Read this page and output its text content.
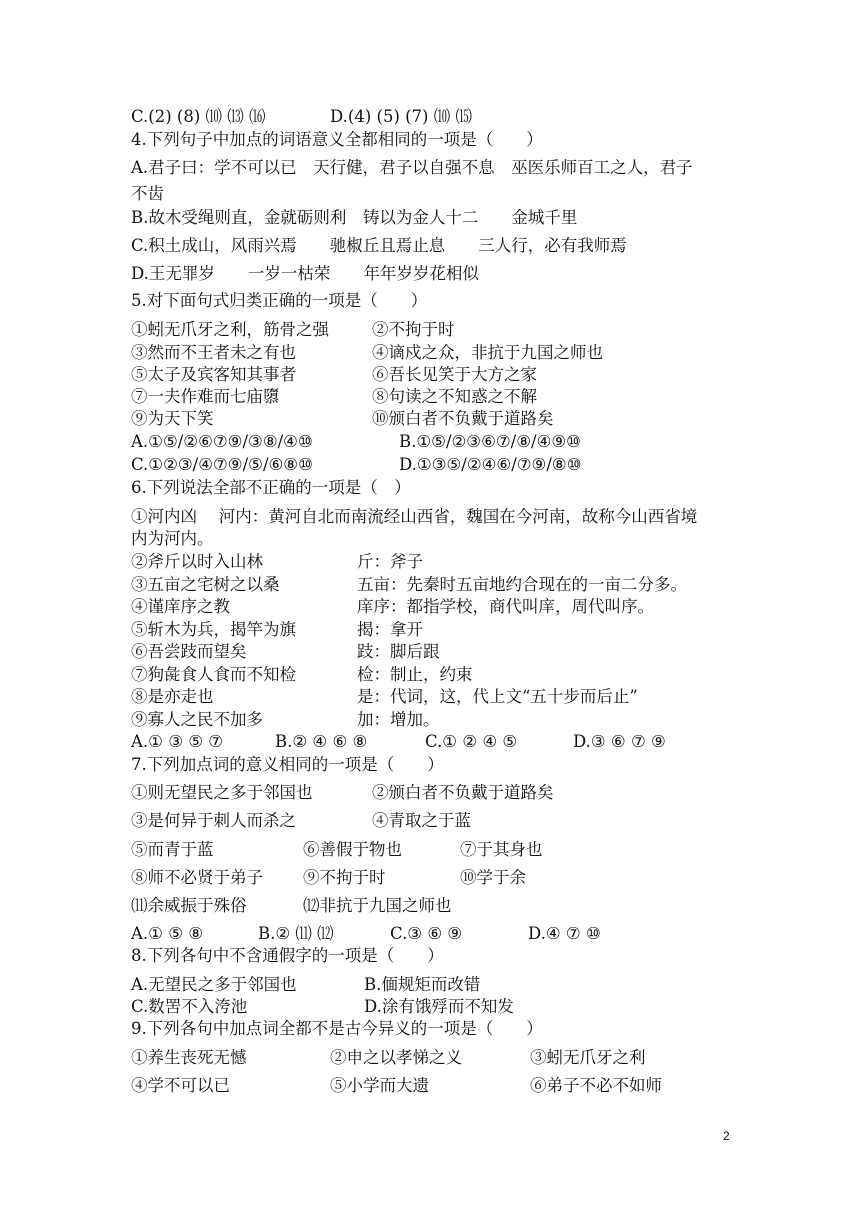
C.(2) (8) ⑽ ⒀ ⒃	D.(4) (5) (7) ⑽ ⒂
4.下列句子中加点的词语意义全都相同的一项是（　　）
A.君子曰：学不可以已　天行健，君子以自强不息　巫医乐师百工之人，君子
不齿
B.故木受绳则直，金就砺则利　铸以为金人十二　　金城千里
C.积土成山，风雨兴焉　　驰椒丘且焉止息　　三人行，必有我师焉
D.王无罪岁　　一岁一枯荣　　年年岁岁花相似
5.对下面句式归类正确的一项是（　　）
①蚓无爪牙之利，筋骨之强	②不拘于时
③然而不王者未之有也	④谪戍之众，非抗于九国之师也
⑤太子及宾客知其事者	⑥吾长见笑于大方之家
⑦一夫作难而七庙隳	⑧句读之不知惑之不解
⑨为天下笑	⑩颁白者不负戴于道路矣
A.①⑤/②⑥⑦⑨/③⑧/④⑩	B.①⑤/②③⑥⑦/⑧/④⑨⑩
C.①②③/④⑦⑨/⑤/⑥⑧⑩	D.①③⑤/②④⑥/⑦⑨/⑧⑩
6.下列说法全部不正确的一项是（　）
①河内凶　 河内：黄河自北而南流经山西省，魏国在今河南，故称今山西省境
内为河内。
②斧斤以时入山林	斤：斧子
③五亩之宅树之以桑	五亩：先秦时五亩地约合现在的一亩二分多。
④谨庠序之教	庠序：都指学校，商代叫庠，周代叫序。
⑤斩木为兵，揭竿为旗	揭：拿开
⑥吾尝跂而望矣	跂：脚后跟
⑦狗彘食人食而不知检	检：制止，约束
⑧是亦走也	是：代词，这，代上文“五十步而后止”
⑨寡人之民不加多	加：增加。
A.① ③ ⑤ ⑦	B.② ④ ⑥ ⑧	C.① ② ④ ⑤	D.③ ⑥ ⑦ ⑨
7.下列加点词的意义相同的一项是（　　）
①则无望民之多于邻国也	②颁白者不负戴于道路矣
③是何异于刺人而杀之	④青取之于蓝
⑤而青于蓝	⑥善假于物也	⑦于其身也
⑧师不必贤于弟子 ⑨不拘于时	⑩学于余
⑾余威振于殊俗	⑿非抗于九国之师也
A.① ⑤ ⑧	B.② ⑾ ⑿	C.③ ⑥ ⑨	D.④ ⑦ ⑩
8.下列各句中不含通假字的一项是（　　）
A.无望民之多于邻国也	B.偭规矩而改错
C.数罟不入洿池	D.涂有饿殍而不知发
9.下列各句中加点词全都不是古今异义的一项是（　　）
①养生丧死无憾	②申之以孝悌之义	③蚓无爪牙之利
④学不可以已	⑤小学而大遗	⑥弟子不必不如师
2
